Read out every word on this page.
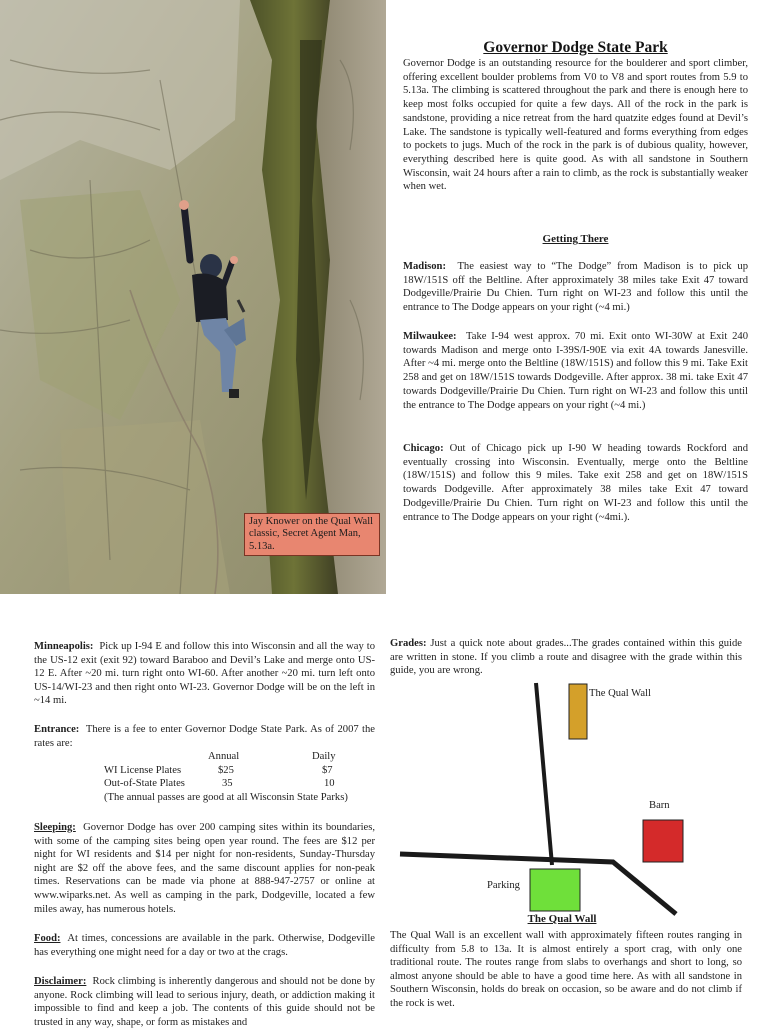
Jay Knower on the Qual Wall classic, Secret Agent Man, 5.13a.
Governor Dodge State Park

Governor Dodge is an outstanding resource for the boulderer and sport climber, offering excellent boulder problems from V0 to V8 and sport routes from 5.9 to 5.13a. The climbing is scattered throughout the park and there is enough here to keep most folks occupied for quite a few days. All of the rock in the park is sandstone, providing a nice retreat from the hard quatzite edges found at Devil’s Lake. The sandstone is typically well-featured and forms everything from edges to pockets to jugs. Much of the rock in the park is of dubious quality, however, everything described here is quite good. As with all sandstone in Southern Wisconsin, wait 24 hours after a rain to climb, as the rock is substantially weaker when wet.

Getting There

Madison: The easiest way to “The Dodge” from Madison is to pick up 18W/151S off the Beltline. After approximately 38 miles take Exit 47 toward Dodgeville/Prairie Du Chien. Turn right on WI-23 and follow this until the entrance to The Dodge appears on your right (~4 mi.)

Milwaukee: Take I-94 west approx. 70 mi. Exit onto WI-30W at Exit 240 towards Madison and merge onto I-39S/I-90E via exit 4A towards Janesville. After ~4 mi. merge onto the Beltline (18W/151S) and follow this 9 mi. Take Exit 258 and get on 18W/151S towards Dodgeville. After approx. 38 mi. take Exit 47 towards Dodgeville/Prairie Du Chien. Turn right on WI-23 and follow this until the entrance to The Dodge appears on your right (~4 mi.)

Chicago: Out of Chicago pick up I-90 W heading towards Rockford and eventually crossing into Wisconsin. Eventually, merge onto the Beltline (18W/151S) and follow this 9 miles. Take exit 258 and get on 18W/151S towards Dodgeville. After approximately 38 miles take Exit 47 toward Dodgeville/Prairie Du Chien. Turn right on WI-23 and follow this until the entrance to The Dodge appears on your right (~4mi.).

Minneapolis: Pick up I-94 E and follow this into Wisconsin and all the way to the US-12 exit (exit 92) toward Baraboo and Devil’s Lake and merge onto US-12 E. After ~20 mi. turn right onto WI-60. After another ~20 mi. turn left onto US-14/WI-23 and then right onto WI-23. Governor Dodge will be on the left in ~14 mi.

Entrance: There is a fee to enter Governor Dodge State Park. As of 2007 the rates are:

Annual	Daily
WI License Plates	$25	$7
Out-of-State Plates	35	10
(The annual passes are good at all Wisconsin State Parks)

Sleeping: Governor Dodge has over 200 camping sites within its boundaries, with some of the camping sites being open year round. The fees are $12 per night for WI residents and $14 per night for non-residents, Sunday-Thursday night are $2 off the above fees, and the same discount applies for non-peak times. Reservations can be made via phone at 888-947-2757 or online at www.wiparks.net. As well as camping in the park, Dodgeville, located a few miles away, has numerous hotels.

Food: At times, concessions are available in the park. Otherwise, Dodgeville has everything one might need for a day or two at the crags.

Disclaimer: Rock climbing is inherently dangerous and should not be done by anyone. Rock climbing will lead to serious injury, death, or addiction making it impossible to find and keep a job. The contents of this guide should not be trusted in any way, shape, or form as mistakes and

Grades: Just a quick note about grades...The grades contained within this guide are written in stone. If you climb a route and disagree with the grade within this guide, you are wrong.

The Qual Wall
Barn
Parking
The Qual Wall

The Qual Wall is an excellent wall with approximately fifteen routes ranging in difficulty from 5.8 to 13a. It is almost entirely a sport crag, with only one traditional route. The routes range from slabs to overhangs and short to long, so almost anyone should be able to have a good time here. As with all sandstone in Southern Wisconsin, holds do break on occasion, so be aware and do not climb if the rock is wet.
